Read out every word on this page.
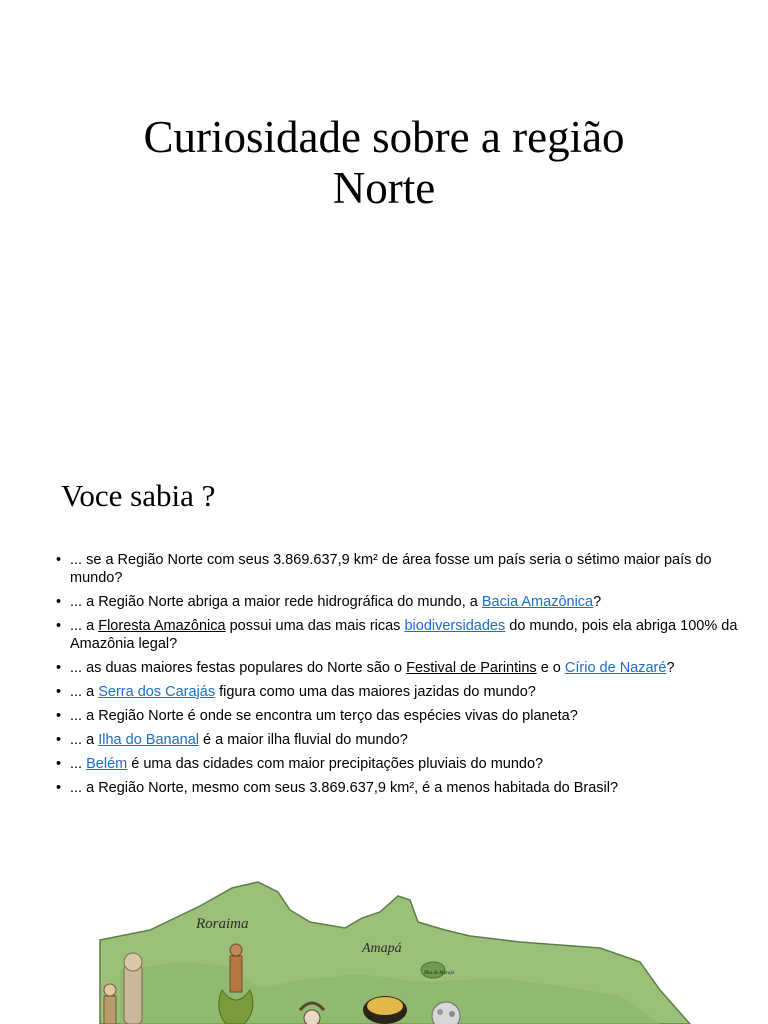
Curiosidade sobre a região
Norte
Voce sabia ?
• ... se a Região Norte com seus 3.869.637,9 km² de área fosse um país seria o sétimo maior país do mundo?
• ... a Região Norte abriga a maior rede hidrográfica do mundo, a Bacia Amazônica?
• ... a Floresta Amazônica possui uma das mais ricas biodiversidades do mundo, pois ela abriga 100% da Amazônia legal?
• ... as duas maiores festas populares do Norte são o Festival de Parintins e o Círio de Nazaré?
• ... a Serra dos Carajás figura como uma das maiores jazidas do mundo?
• ... a Região Norte é onde se encontra um terço das espécies vivas do planeta?
• ... a Ilha do Bananal é a maior ilha fluvial do mundo?
• ... Belém é uma das cidades com maior precipitações pluviais do mundo?
• ... a Região Norte, mesmo com seus 3.869.637,9 km², é a menos habitada do Brasil?
Roraima
Amapá
Ilha de Marajó
